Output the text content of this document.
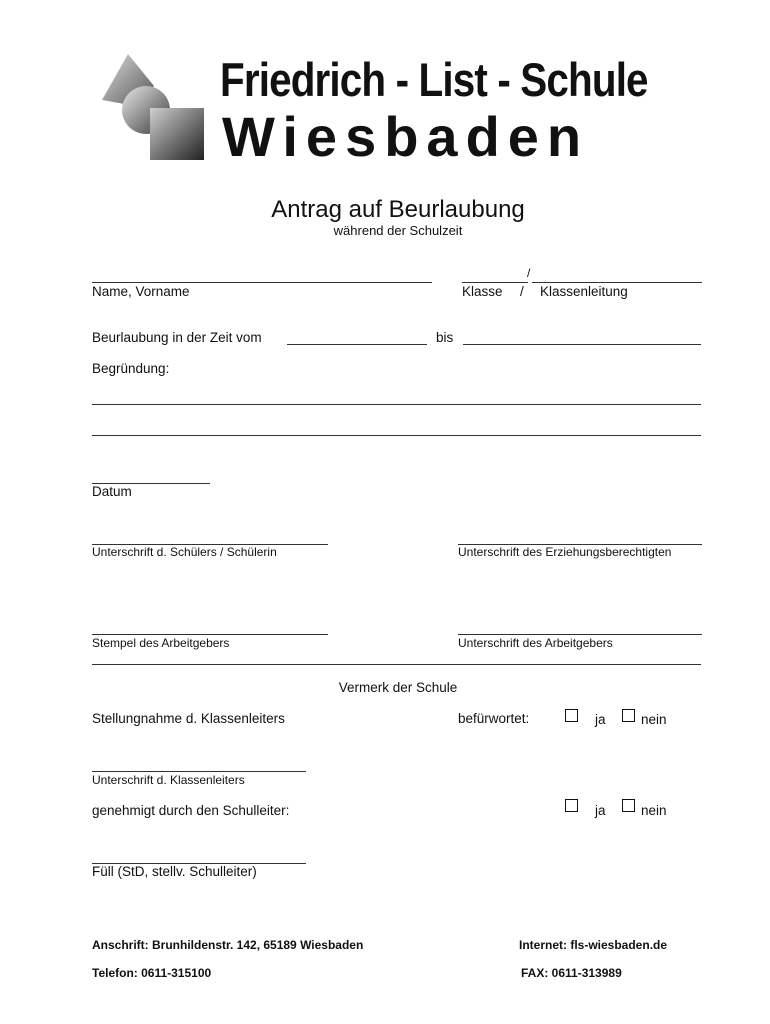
Friedrich - List - Schule
Wiesbaden
Antrag auf Beurlaubung
während der Schulzeit
/
Name, Vorname	Klasse / Klassenleitung
Beurlaubung in der Zeit vom	bis
Begründung:
Datum
Unterschrift d. Schülers / Schülerin	Unterschrift des Erziehungsberechtigten
Stempel des Arbeitgebers	Unterschrift des Arbeitgebers
Vermerk der Schule
Stellungnahme d. Klassenleiters	befürwortet:	ja	nein
Unterschrift d. Klassenleiters
genehmigt durch den Schulleiter:	ja	nein
Füll (StD, stellv. Schulleiter)
Anschrift: Brunhildenstr. 142, 65189 Wiesbaden	Internet: fls-wiesbaden.de
Telefon: 0611-315100	FAX: 0611-313989
